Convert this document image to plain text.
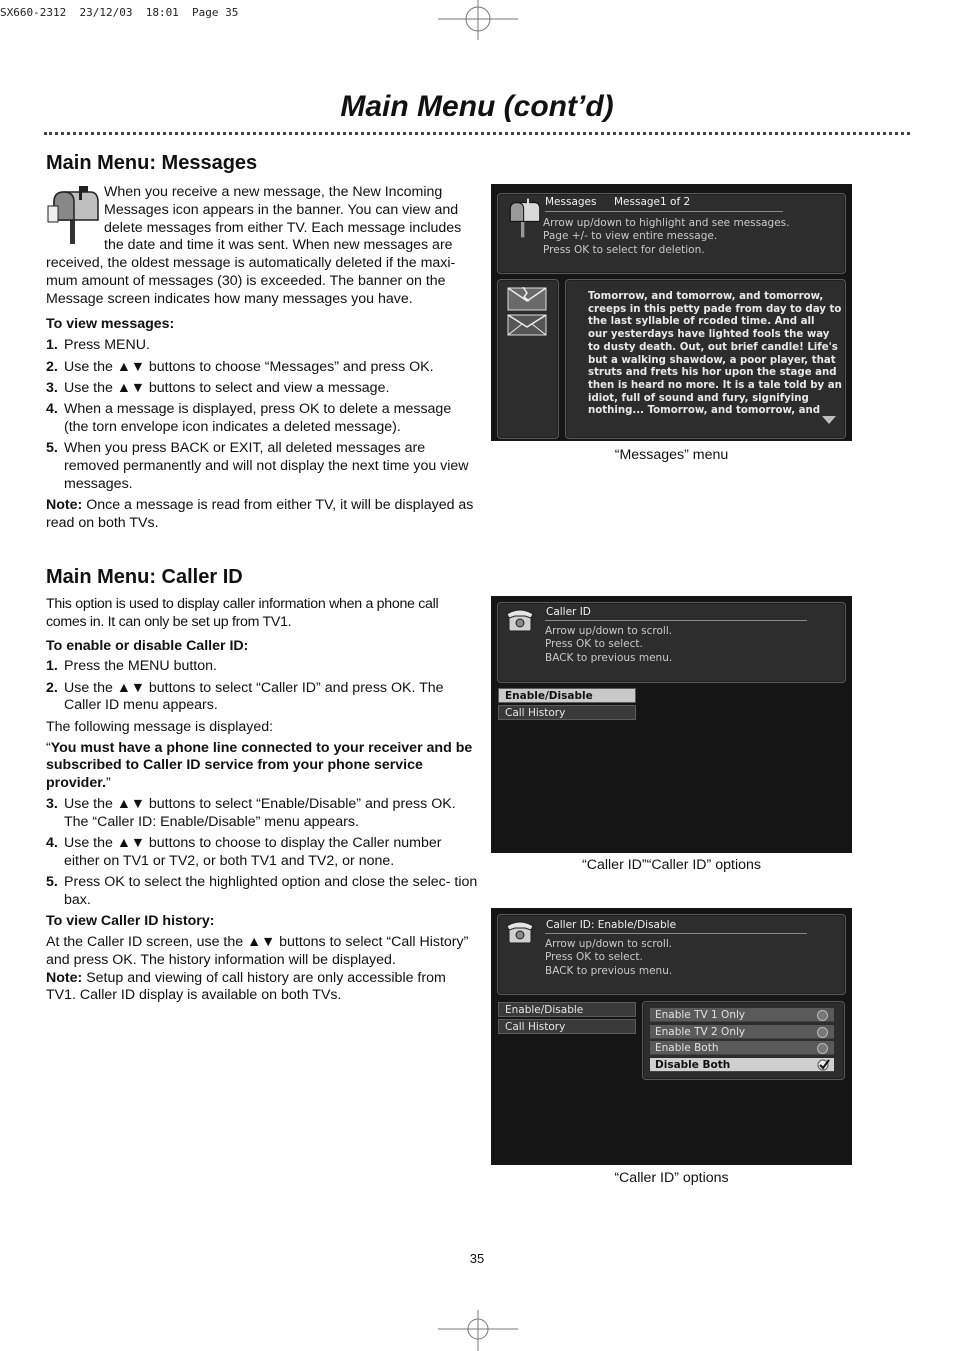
SX660-2312  23/12/03  18:01  Page 35
Main Menu (cont’d)
Main Menu: Messages

When you receive a new message, the New Incoming

Messages icon appears in the banner. You can view and

delete messages from either TV. Each message includes

the date and time it was sent. When new messages are

received, the oldest message is automatically deleted if the maxi-

mum amount of messages (30) is exceeded. The banner on the

Message screen indicates how many messages you have.

To view messages:

1. Press MENU.
2. Use the ▲▼ buttons to choose “Messages” and press OK.
3. Use the ▲▼ buttons to select and view a message.
4. When a message is displayed, press OK to delete a message (the torn envelope icon indicates a deleted message).
5. When you press BACK or EXIT, all deleted messages are removed permanently and will not display the next time you view messages.

Note: Once a message is read from either TV, it will be displayed as read on both TVs.

Messages Message1 of 2
Arrow up/down to highlight and see messages.
Page +/- to view entire message.
Press OK to select for deletion.
Tomorrow, and tomorrow, and tomorrow,
creeps in this petty pade from day to day to
the last syllable of rcoded time. And all
our yesterdays have lighted fools the way
to dusty death. Out, out brief candle! Life's
but a walking shawdow, a poor player, that
struts and frets his hor upon the stage and
then is heard no more. It is a tale told by an
idiot, full of sound and fury, signifying
nothing... Tomorrow, and tomorrow, and
“Messages” menu
Main Menu: Caller ID

This option is used to display caller information when a phone call

comes in. It can only be set up from TV1.

To enable or disable Caller ID:

1. Press the MENU button.
2. Use the ▲▼ buttons to select “Caller ID” and press OK. The Caller ID menu appears.

The following message is displayed:

“You must have a phone line connected to your receiver and be subscribed to Caller ID service from your phone service provider.”

3. Use the ▲▼ buttons to select “Enable/Disable” and press OK. The “Caller ID: Enable/Disable” menu appears.
4. Use the ▲▼ buttons to choose to display the Caller number either on TV1 or TV2, or both TV1 and TV2, or none.
5. Press OK to select the highlighted option and close the selec- tion bax.

To view Caller ID history:

At the Caller ID screen, use the ▲▼ buttons to select “Call History” and press OK. The history information will be displayed.

Note: Setup and viewing of call history are only accessible from TV1. Caller ID display is available on both TVs.

Caller ID
Arrow up/down to scroll.
Press OK to select.
BACK to previous menu.
Enable/Disable
Call History
“Caller ID”“Caller ID” options
Caller ID: Enable/Disable
Arrow up/down to scroll.
Press OK to select.
BACK to previous menu.
Enable/Disable
Call History
Enable TV 1 Only
Enable TV 2 Only
Enable Both
Disable Both
“Caller ID” options
35
